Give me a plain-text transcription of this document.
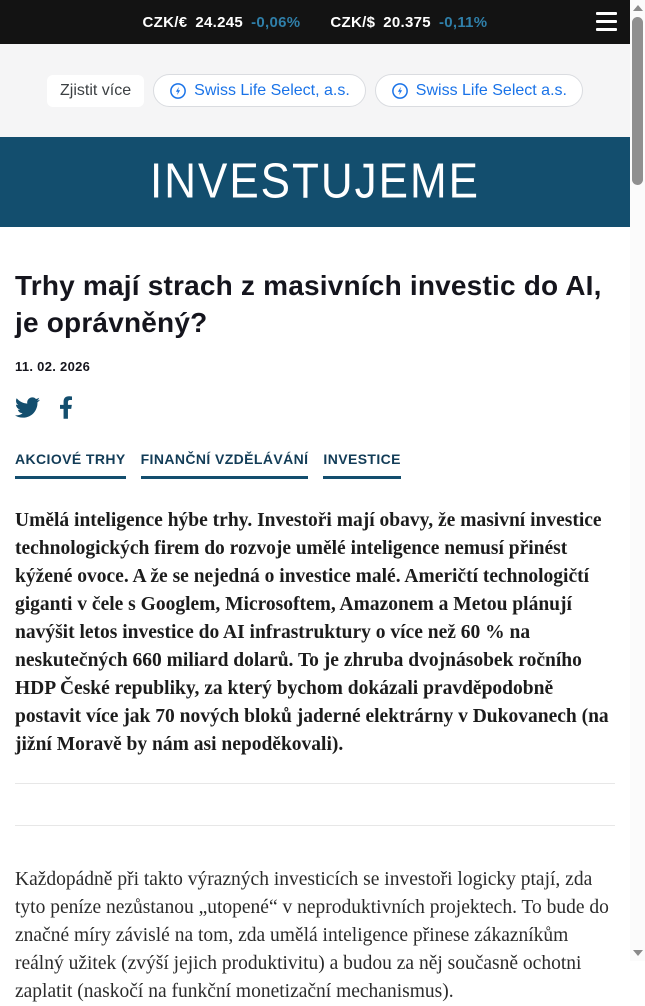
CZK/€ 24.245 -0,06% CZK/$ 20.375 -0,11%
Zjistit více	Swiss Life Select, a.s.	Swiss Life Select a.s.
INVESTUJEME
Trhy mají strach z masivních investic do AI, je oprávněný?
11. 02. 2026
AKCIOVÉ TRHY FINANČNÍ VZDĚLÁVÁNÍ INVESTICE

Umělá inteligence hýbe trhy. Investoři mají obavy, že masivní investice technologických firem do rozvoje umělé inteligence nemusí přinést kýžené ovoce. A že se nejedná o investice malé. Američtí technologičtí giganti v čele s Googlem, Microsoftem, Amazonem a Metou plánují navýšit letos investice do AI infrastruktury o více než 60 % na neskutečných 660 miliard dolarů. To je zhruba dvojnásobek ročního HDP České republiky, za který bychom dokázali pravděpodobně postavit více jak 70 nových bloků jaderné elektrárny v Dukovanech (na jižní Moravě by nám asi nepoděkovali).

Každopádně při takto výrazných investicích se investoři logicky ptají, zda tyto peníze nezůstanou „utopené“ v neproduktivních projektech. To bude do značné míry závislé na tom, zda umělá inteligence přinese zákazníkům reálný užitek (zvýší jejich produktivitu) a budou za něj současně ochotni zaplatit (naskočí na funkční monetizační mechanismus).
